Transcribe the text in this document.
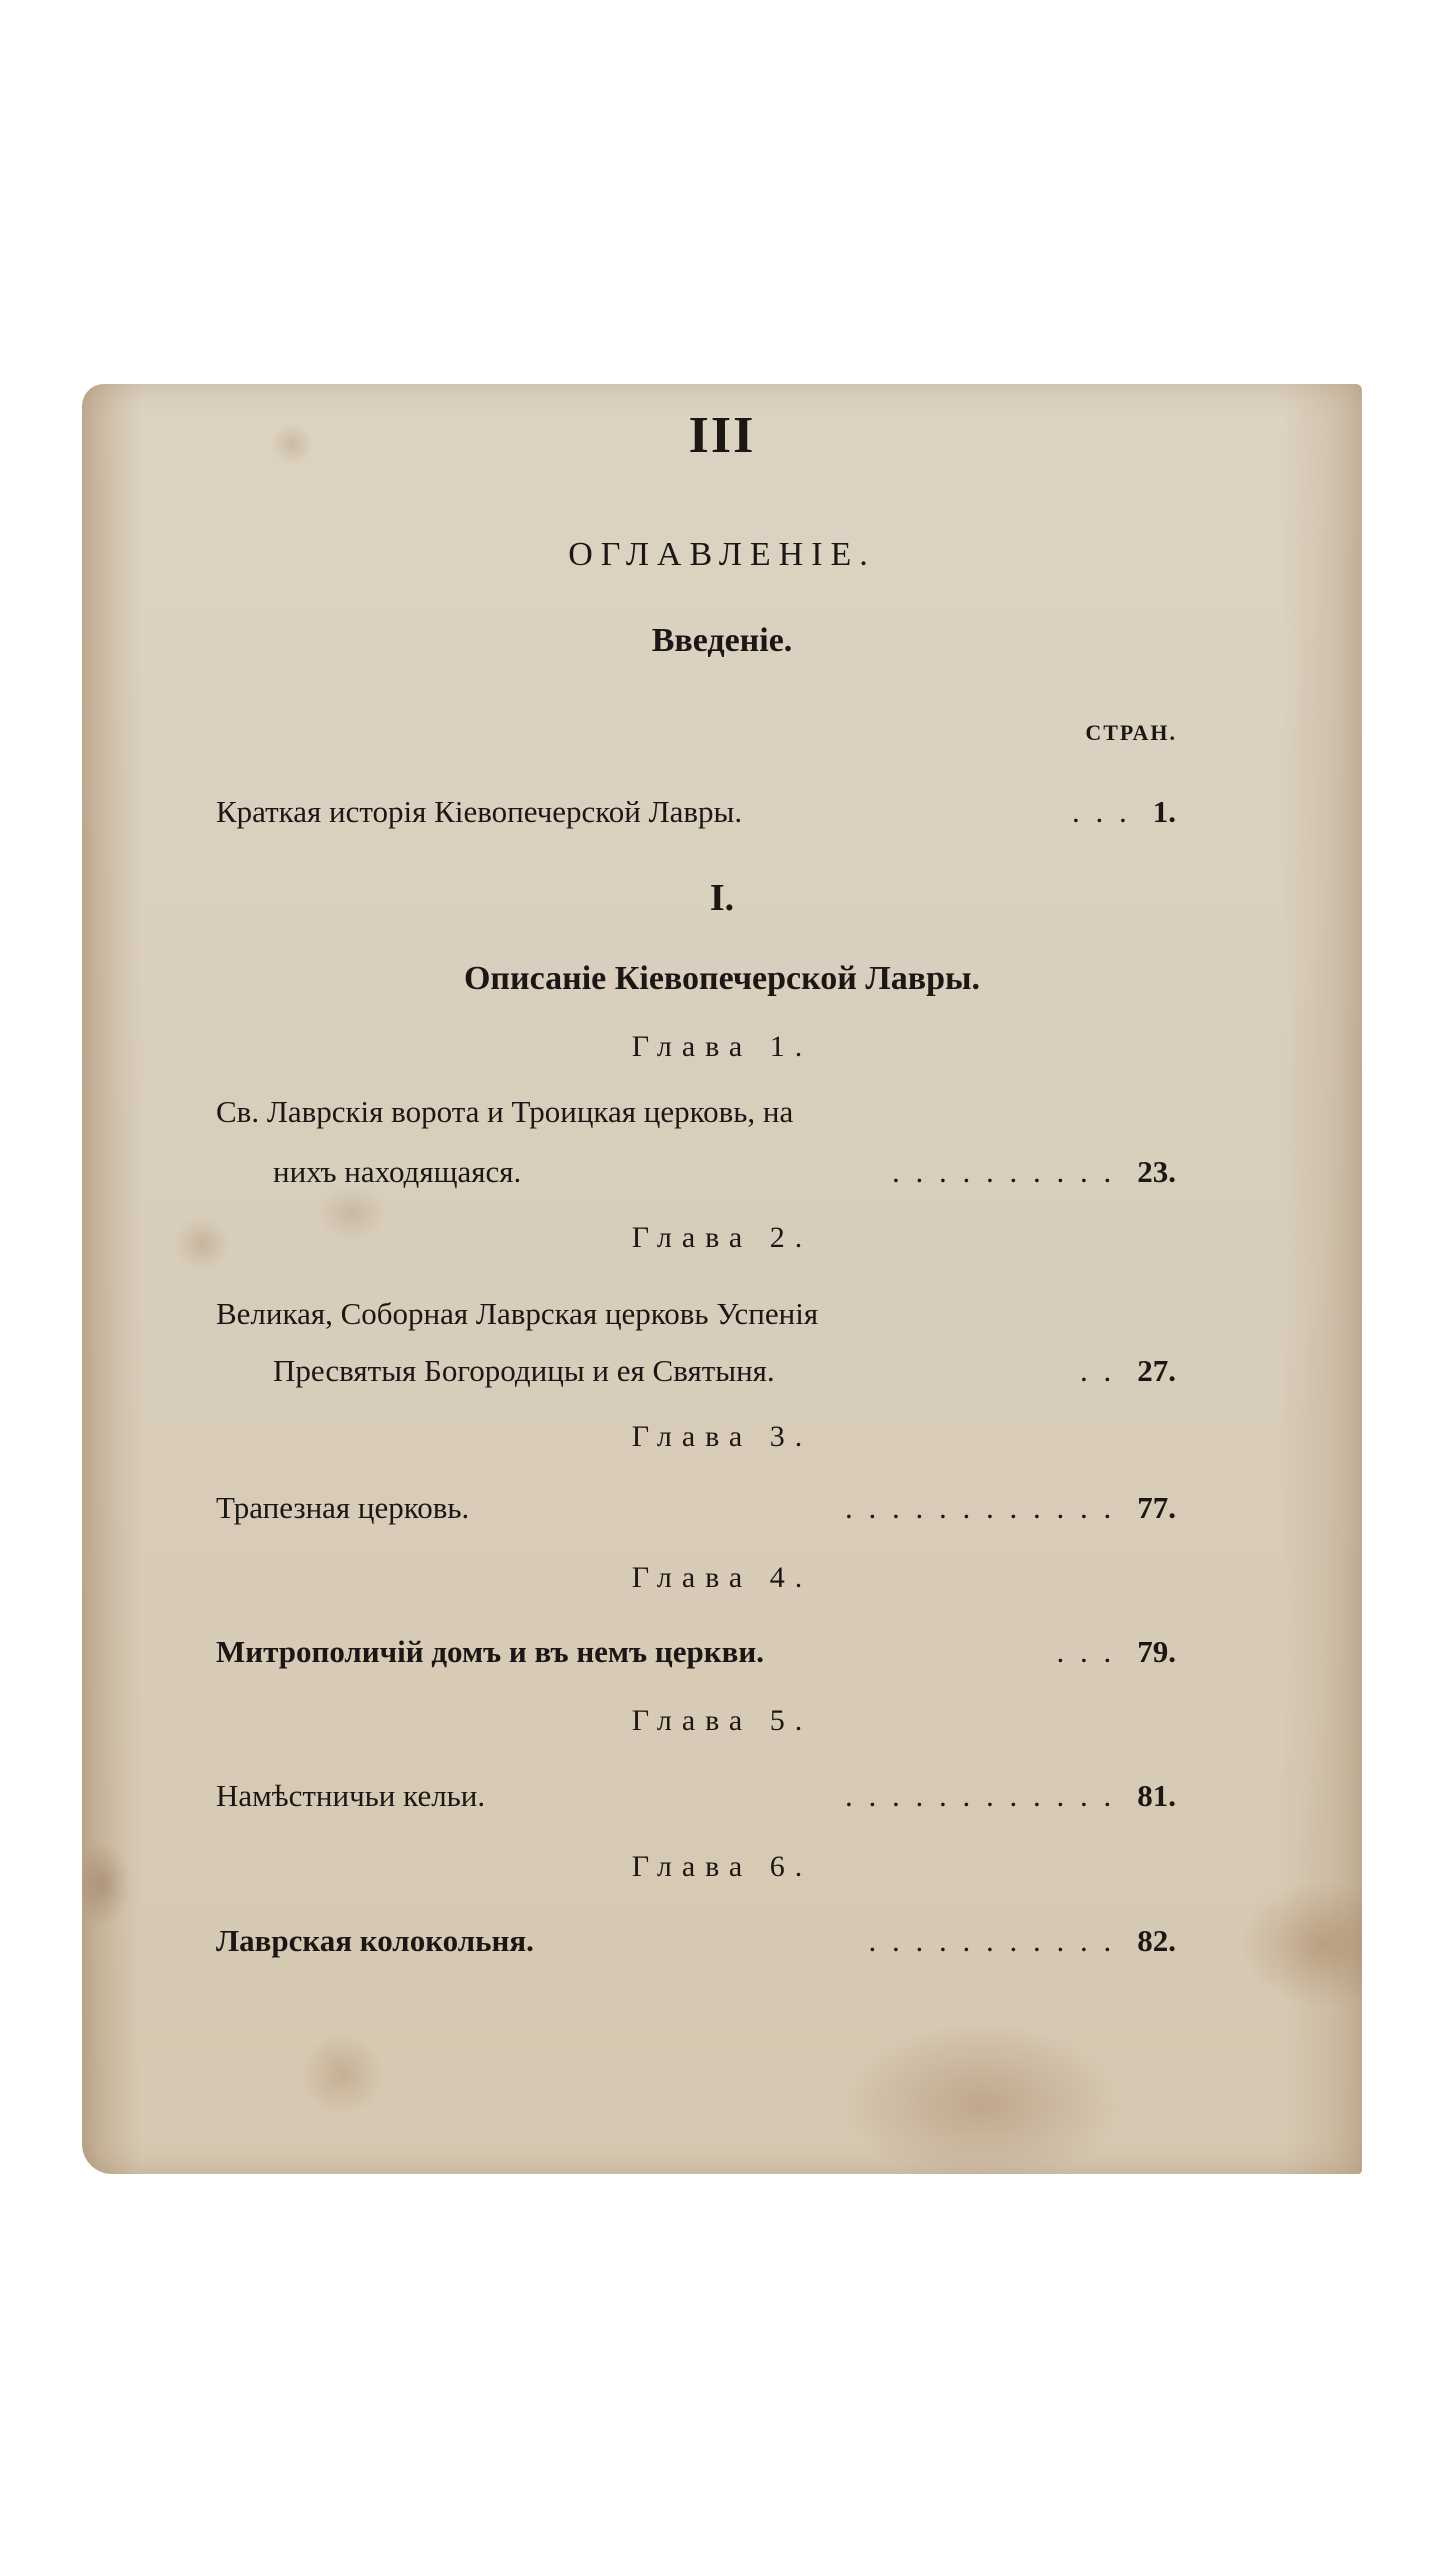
III
ОГЛАВЛЕНІЕ.
Введеніе.
СТРАН.
Краткая исторія Кіевопечерской Лавры.	. . . 1.
I.
Описаніе Кіевопечерской Лавры.
Глава 1.
Св. Лаврскія ворота и Троицкая церковь, на
нихъ находящаяся.	. . . . . . . . . . 23.
Глава 2.
Великая, Соборная Лаврская церковь Успенія
Пресвятыя Богородицы и ея Святыня.	. . 27.
Глава 3.
Трапезная церковь.	. . . . . . . . . . . . 77.
Глава 4.
Митрополичій домъ и въ немъ церкви.	. . . 79.
Глава 5.
Намѣстничьи кельи.	. . . . . . . . . . . . 81.
Глава 6.
Лаврская колокольня.	. . . . . . . . . . . 82.
